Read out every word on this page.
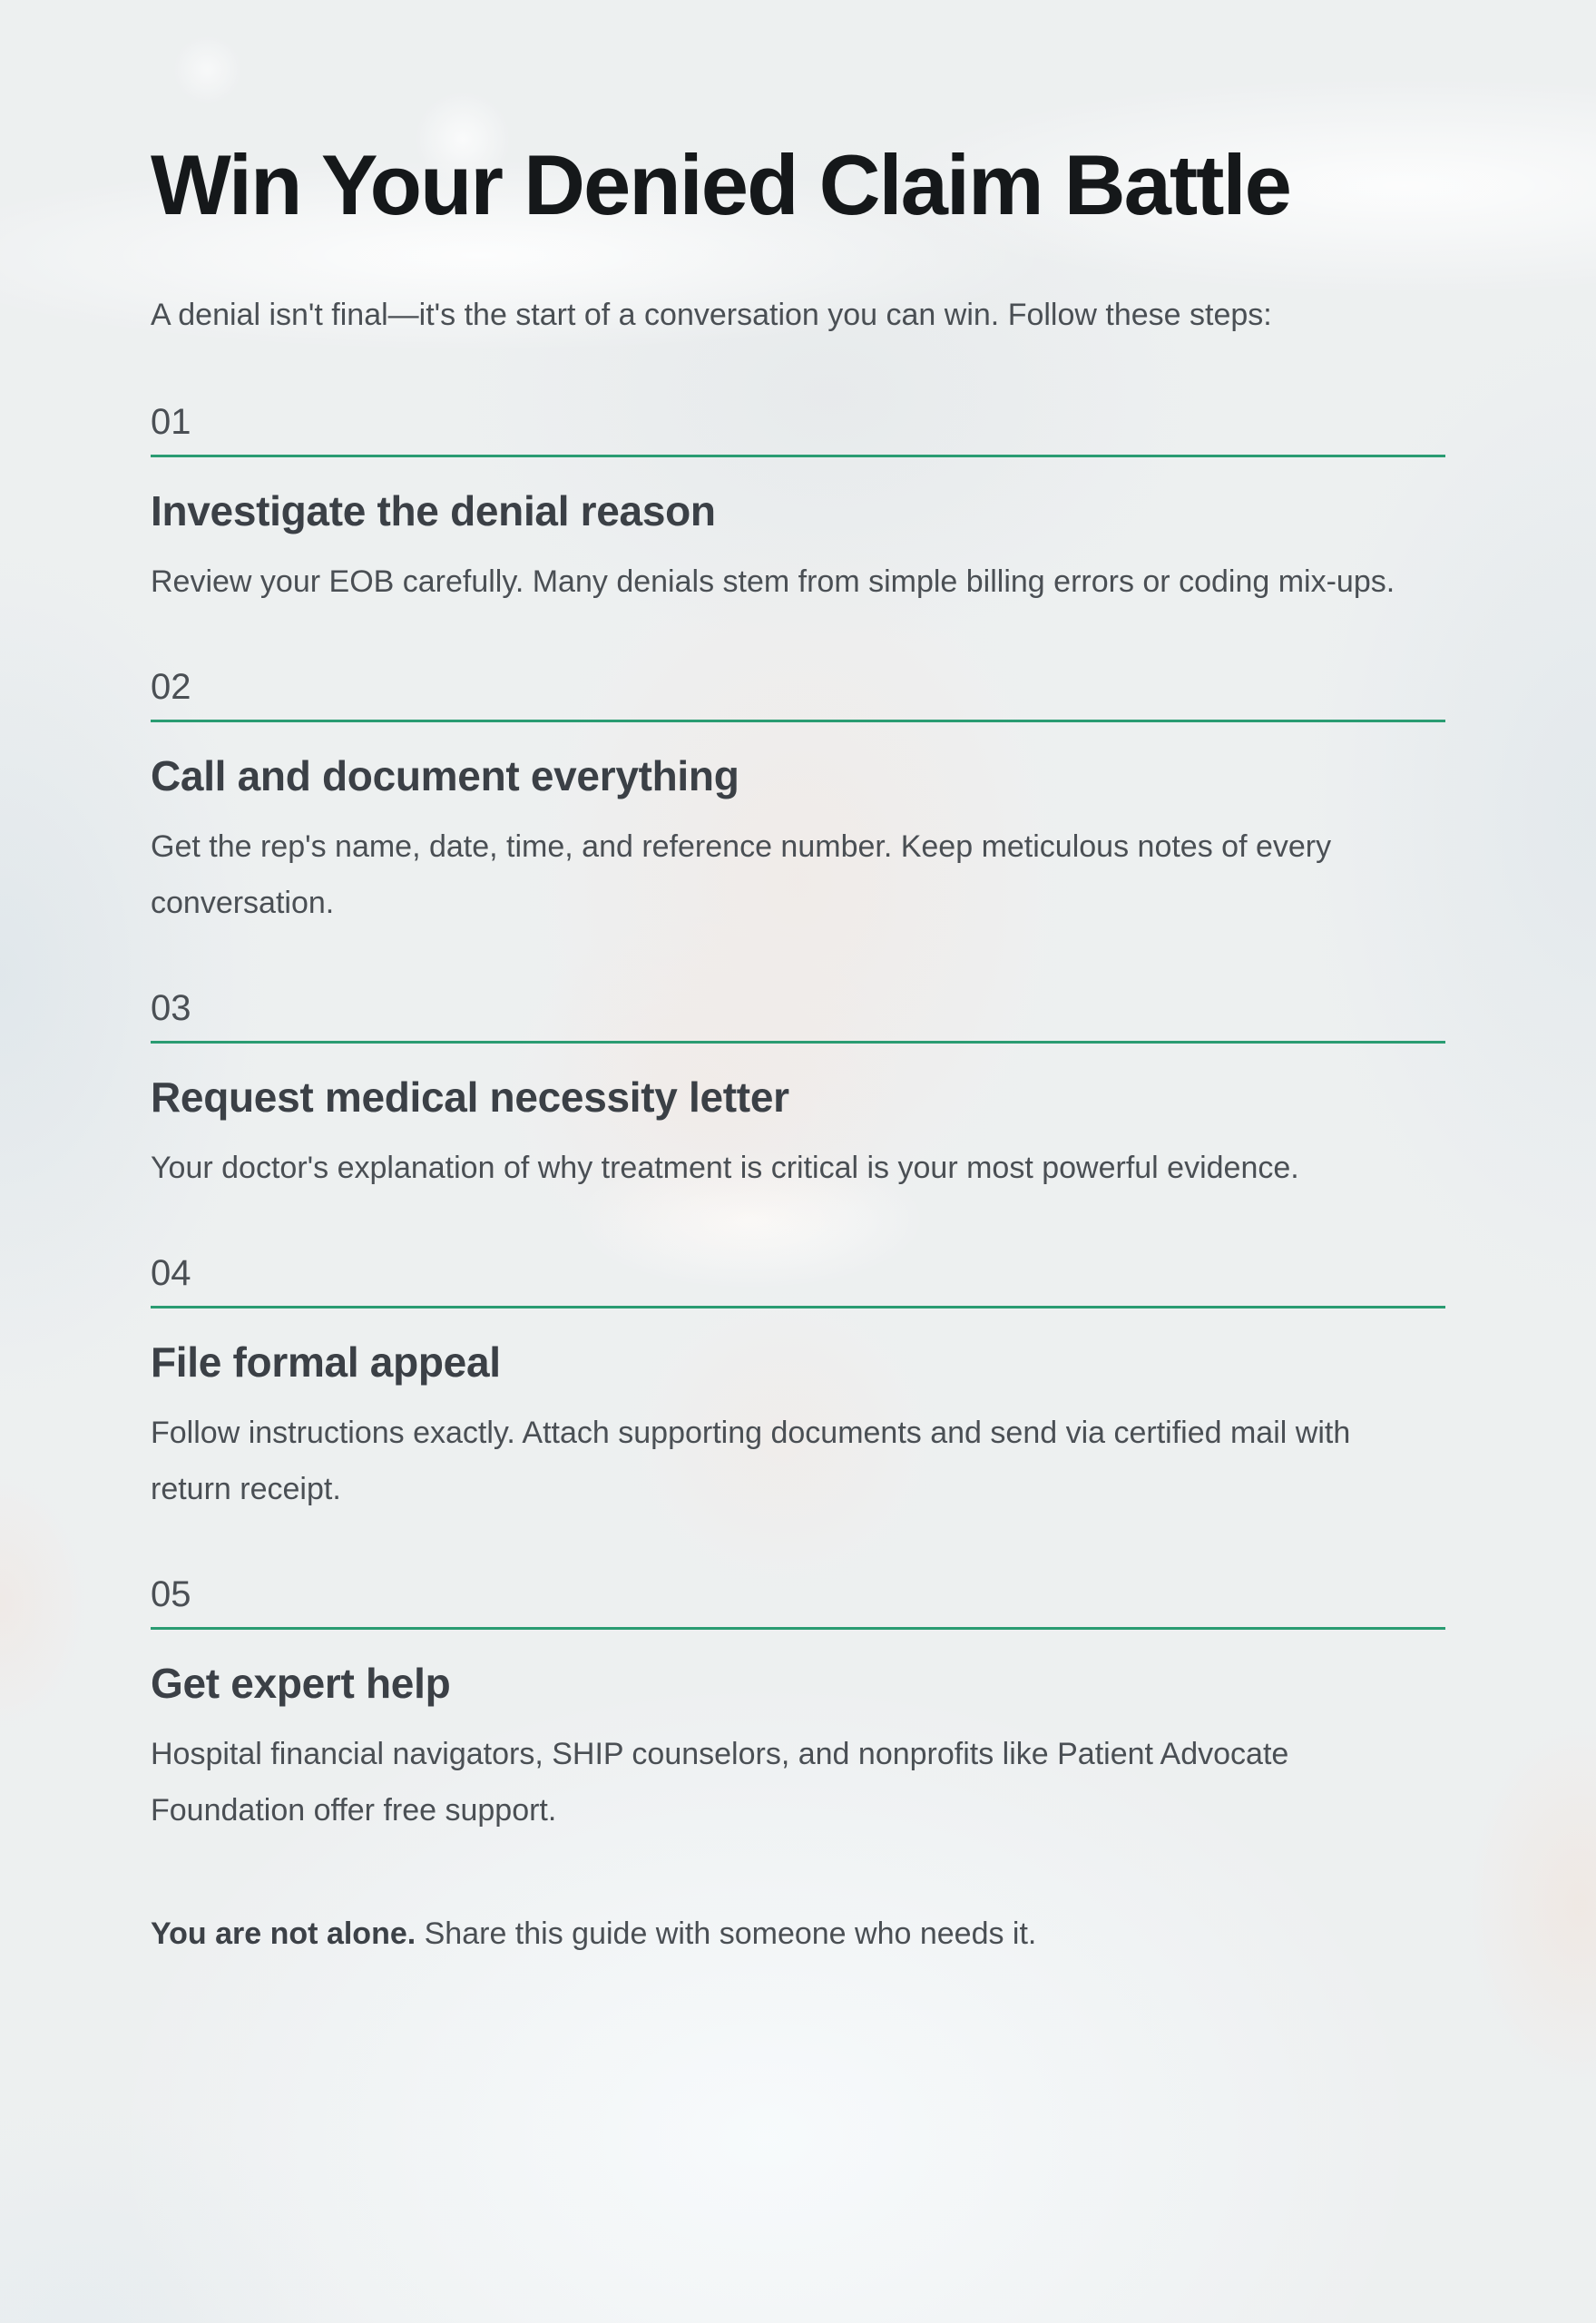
Win Your Denied Claim Battle

A denial isn't final—it's the start of a conversation you can win. Follow these steps:

01
Investigate the denial reason

Review your EOB carefully. Many denials stem from simple billing errors or coding mix-ups.

02
Call and document everything

Get the rep's name, date, time, and reference number. Keep meticulous notes of every conversation.

03
Request medical necessity letter

Your doctor's explanation of why treatment is critical is your most powerful evidence.

04
File formal appeal

Follow instructions exactly. Attach supporting documents and send via certified mail with return receipt.

05
Get expert help

Hospital financial navigators, SHIP counselors, and nonprofits like Patient Advocate Foundation offer free support.

You are not alone. Share this guide with someone who needs it.
